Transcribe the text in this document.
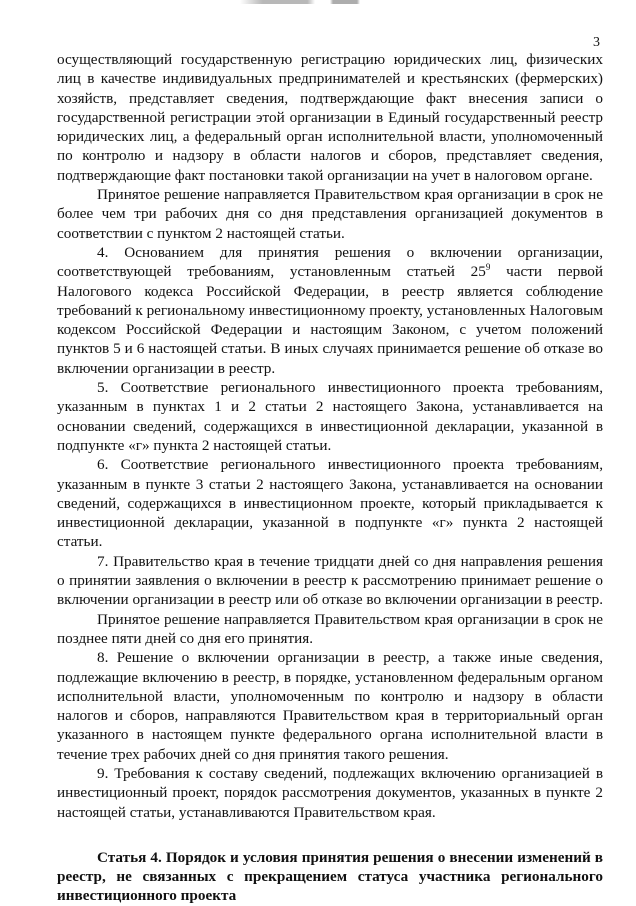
3

осуществляющий государственную регистрацию юридических лиц, физических лиц в качестве индивидуальных предпринимателей и крестьянских (фермерских) хозяйств, представляет сведения, подтверждающие факт внесения записи о государственной регистрации этой организации в Единый государственный реестр юридических лиц, а федеральный орган исполнительной власти, уполномоченный по контролю и надзору в области налогов и сборов, представляет сведения, подтверждающие факт постановки такой организации на учет в налоговом органе.

Принятое решение направляется Правительством края организации в срок не более чем три рабочих дня со дня представления организацией документов в соответствии с пунктом 2 настоящей статьи.

4. Основанием для принятия решения о включении организации, соответствующей требованиям, установленным статьей $25^9$ части первой Налогового кодекса Российской Федерации, в реестр является соблюдение требований к региональному инвестиционному проекту, установленных Налоговым кодексом Российской Федерации и настоящим Законом, с учетом положений пунктов 5 и 6 настоящей статьи. В иных случаях принимается решение об отказе во включении организации в реестр.

5. Соответствие регионального инвестиционного проекта требованиям, указанным в пунктах 1 и 2 статьи 2 настоящего Закона, устанавливается на основании сведений, содержащихся в инвестиционной декларации, указанной в подпункте «г» пункта 2 настоящей статьи.

6. Соответствие регионального инвестиционного проекта требованиям, указанным в пункте 3 статьи 2 настоящего Закона, устанавливается на основании сведений, содержащихся в инвестиционном проекте, который прикладывается к инвестиционной декларации, указанной в подпункте «г» пункта 2 настоящей статьи.

7. Правительство края в течение тридцати дней со дня направления решения о принятии заявления о включении в реестр к рассмотрению принимает решение о включении организации в реестр или об отказе во включении организации в реестр.

Принятое решение направляется Правительством края организации в срок не позднее пяти дней со дня его принятия.

8. Решение о включении организации в реестр, а также иные сведения, подлежащие включению в реестр, в порядке, установленном федеральным органом исполнительной власти, уполномоченным по контролю и надзору в области налогов и сборов, направляются Правительством края в территориальный орган указанного в настоящем пункте федерального органа исполнительной власти в течение трех рабочих дней со дня принятия такого решения.

9. Требования к составу сведений, подлежащих включению организацией в инвестиционный проект, порядок рассмотрения документов, указанных в пункте 2 настоящей статьи, устанавливаются Правительством края.

Статья 4. Порядок и условия принятия решения о внесении изменений в реестр, не связанных с прекращением статуса участника регионального инвестиционного проекта
